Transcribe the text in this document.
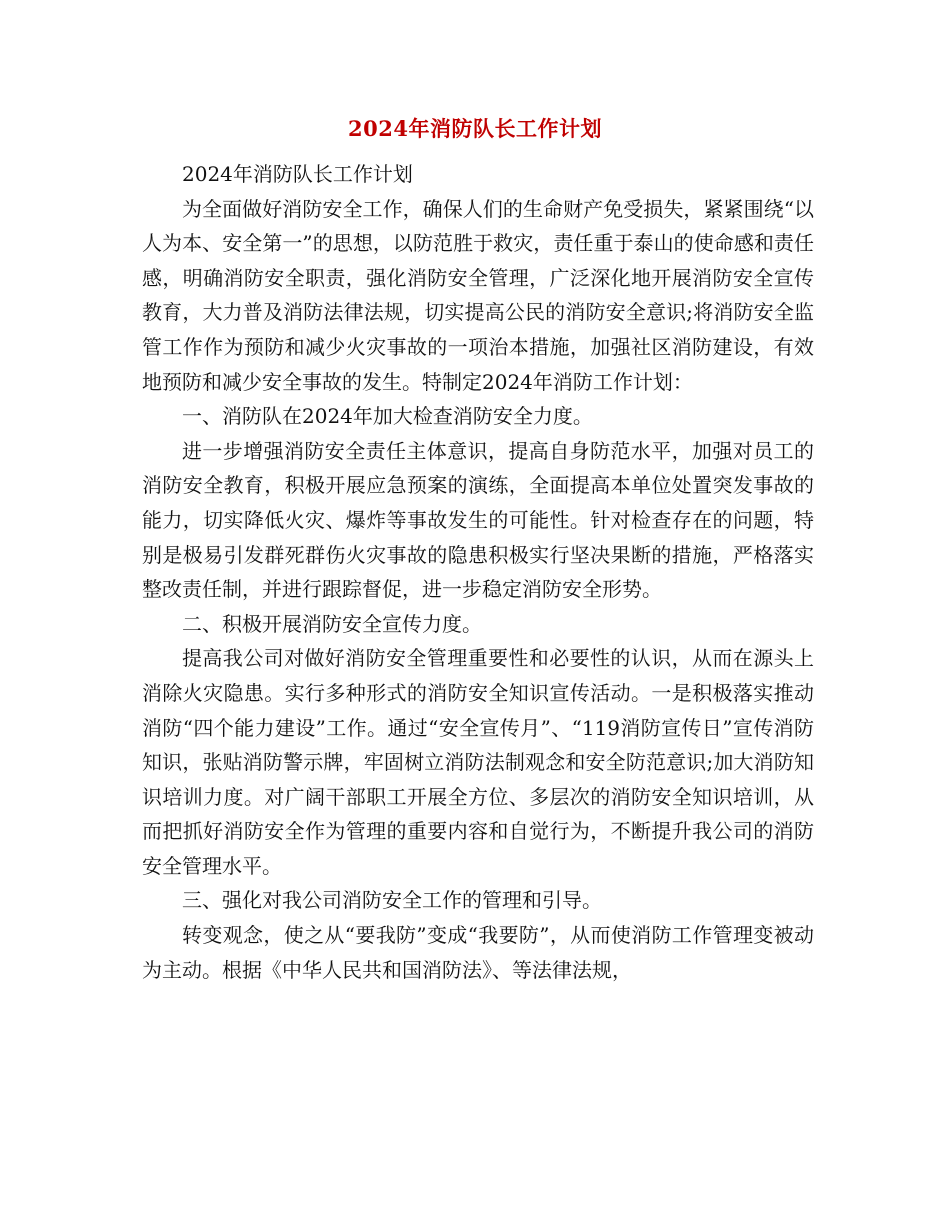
2024年消防队长工作计划

2024年消防队长工作计划

为全面做好消防安全工作，确保人们的生命财产免受损失，紧紧围绕“以人为本、安全第一”的思想，以防范胜于救灾，责任重于泰山的使命感和责任感，明确消防安全职责，强化消防安全管理，广泛深化地开展消防安全宣传教育，大力普及消防法律法规，切实提高公民的消防安全意识;将消防安全监管工作作为预防和减少火灾事故的一项治本措施，加强社区消防建设，有效地预防和减少安全事故的发生。特制定2024年消防工作计划：

一、消防队在2024年加大检查消防安全力度。

进一步增强消防安全责任主体意识，提高自身防范水平，加强对员工的消防安全教育，积极开展应急预案的演练，全面提高本单位处置突发事故的能力，切实降低火灾、爆炸等事故发生的可能性。针对检查存在的问题，特别是极易引发群死群伤火灾事故的隐患积极实行坚决果断的措施，严格落实整改责任制，并进行跟踪督促，进一步稳定消防安全形势。

二、积极开展消防安全宣传力度。

提高我公司对做好消防安全管理重要性和必要性的认识，从而在源头上消除火灾隐患。实行多种形式的消防安全知识宣传活动。一是积极落实推动消防“四个能力建设”工作。通过“安全宣传月”、“119消防宣传日”宣传消防知识，张贴消防警示牌，牢固树立消防法制观念和安全防范意识;加大消防知识培训力度。对广阔干部职工开展全方位、多层次的消防安全知识培训，从而把抓好消防安全作为管理的重要内容和自觉行为，不断提升我公司的消防安全管理水平。

三、强化对我公司消防安全工作的管理和引导。

转变观念，使之从“要我防”变成“我要防”，从而使消防工作管理变被动为主动。根据《中华人民共和国消防法》、等法律法规，
